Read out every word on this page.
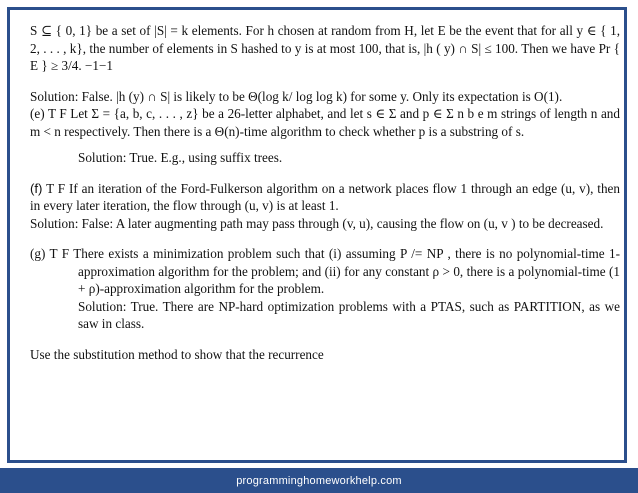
S ⊆ { 0, 1} be a set of |S| = k elements. For h chosen at random from H, let E be the event that for all y ∈ { 1, 2, . . . , k}, the number of elements in S hashed to y is at most 100, that is, |h ( y) ∩ S| ≤ 100. Then we have Pr { E } ≥ 3/4. −1−1

Solution: False. |h (y) ∩ S| is likely to be Θ(log k/ log log k) for some y. Only its expectation is O(1).

(e) T F Let Σ = {a, b, c, . . . , z} be a 26-letter alphabet, and let s ∈ Σ and p ∈ Σ n b e m strings of length n and m < n respectively. Then there is a Θ(n)-time algorithm to check whether p is a substring of s.

Solution: True. E.g., using suffix trees.

(f) T F If an iteration of the Ford-Fulkerson algorithm on a network places flow 1 through an edge (u, v), then in every later iteration, the flow through (u, v) is at least 1.

Solution: False: A later augmenting path may pass through (v, u), causing the flow on (u, v ) to be decreased.

(g) T F There exists a minimization problem such that (i) assuming P /= NP , there is no polynomial-time 1-approximation algorithm for the problem; and (ii) for any constant ρ > 0, there is a polynomial-time (1 + ρ)-approximation algorithm for the problem.

Solution: True. There are NP-hard optimization problems with a PTAS, such as PARTITION, as we saw in class.

Use the substitution method to show that the recurrence

programminghomeworkhelp.com
